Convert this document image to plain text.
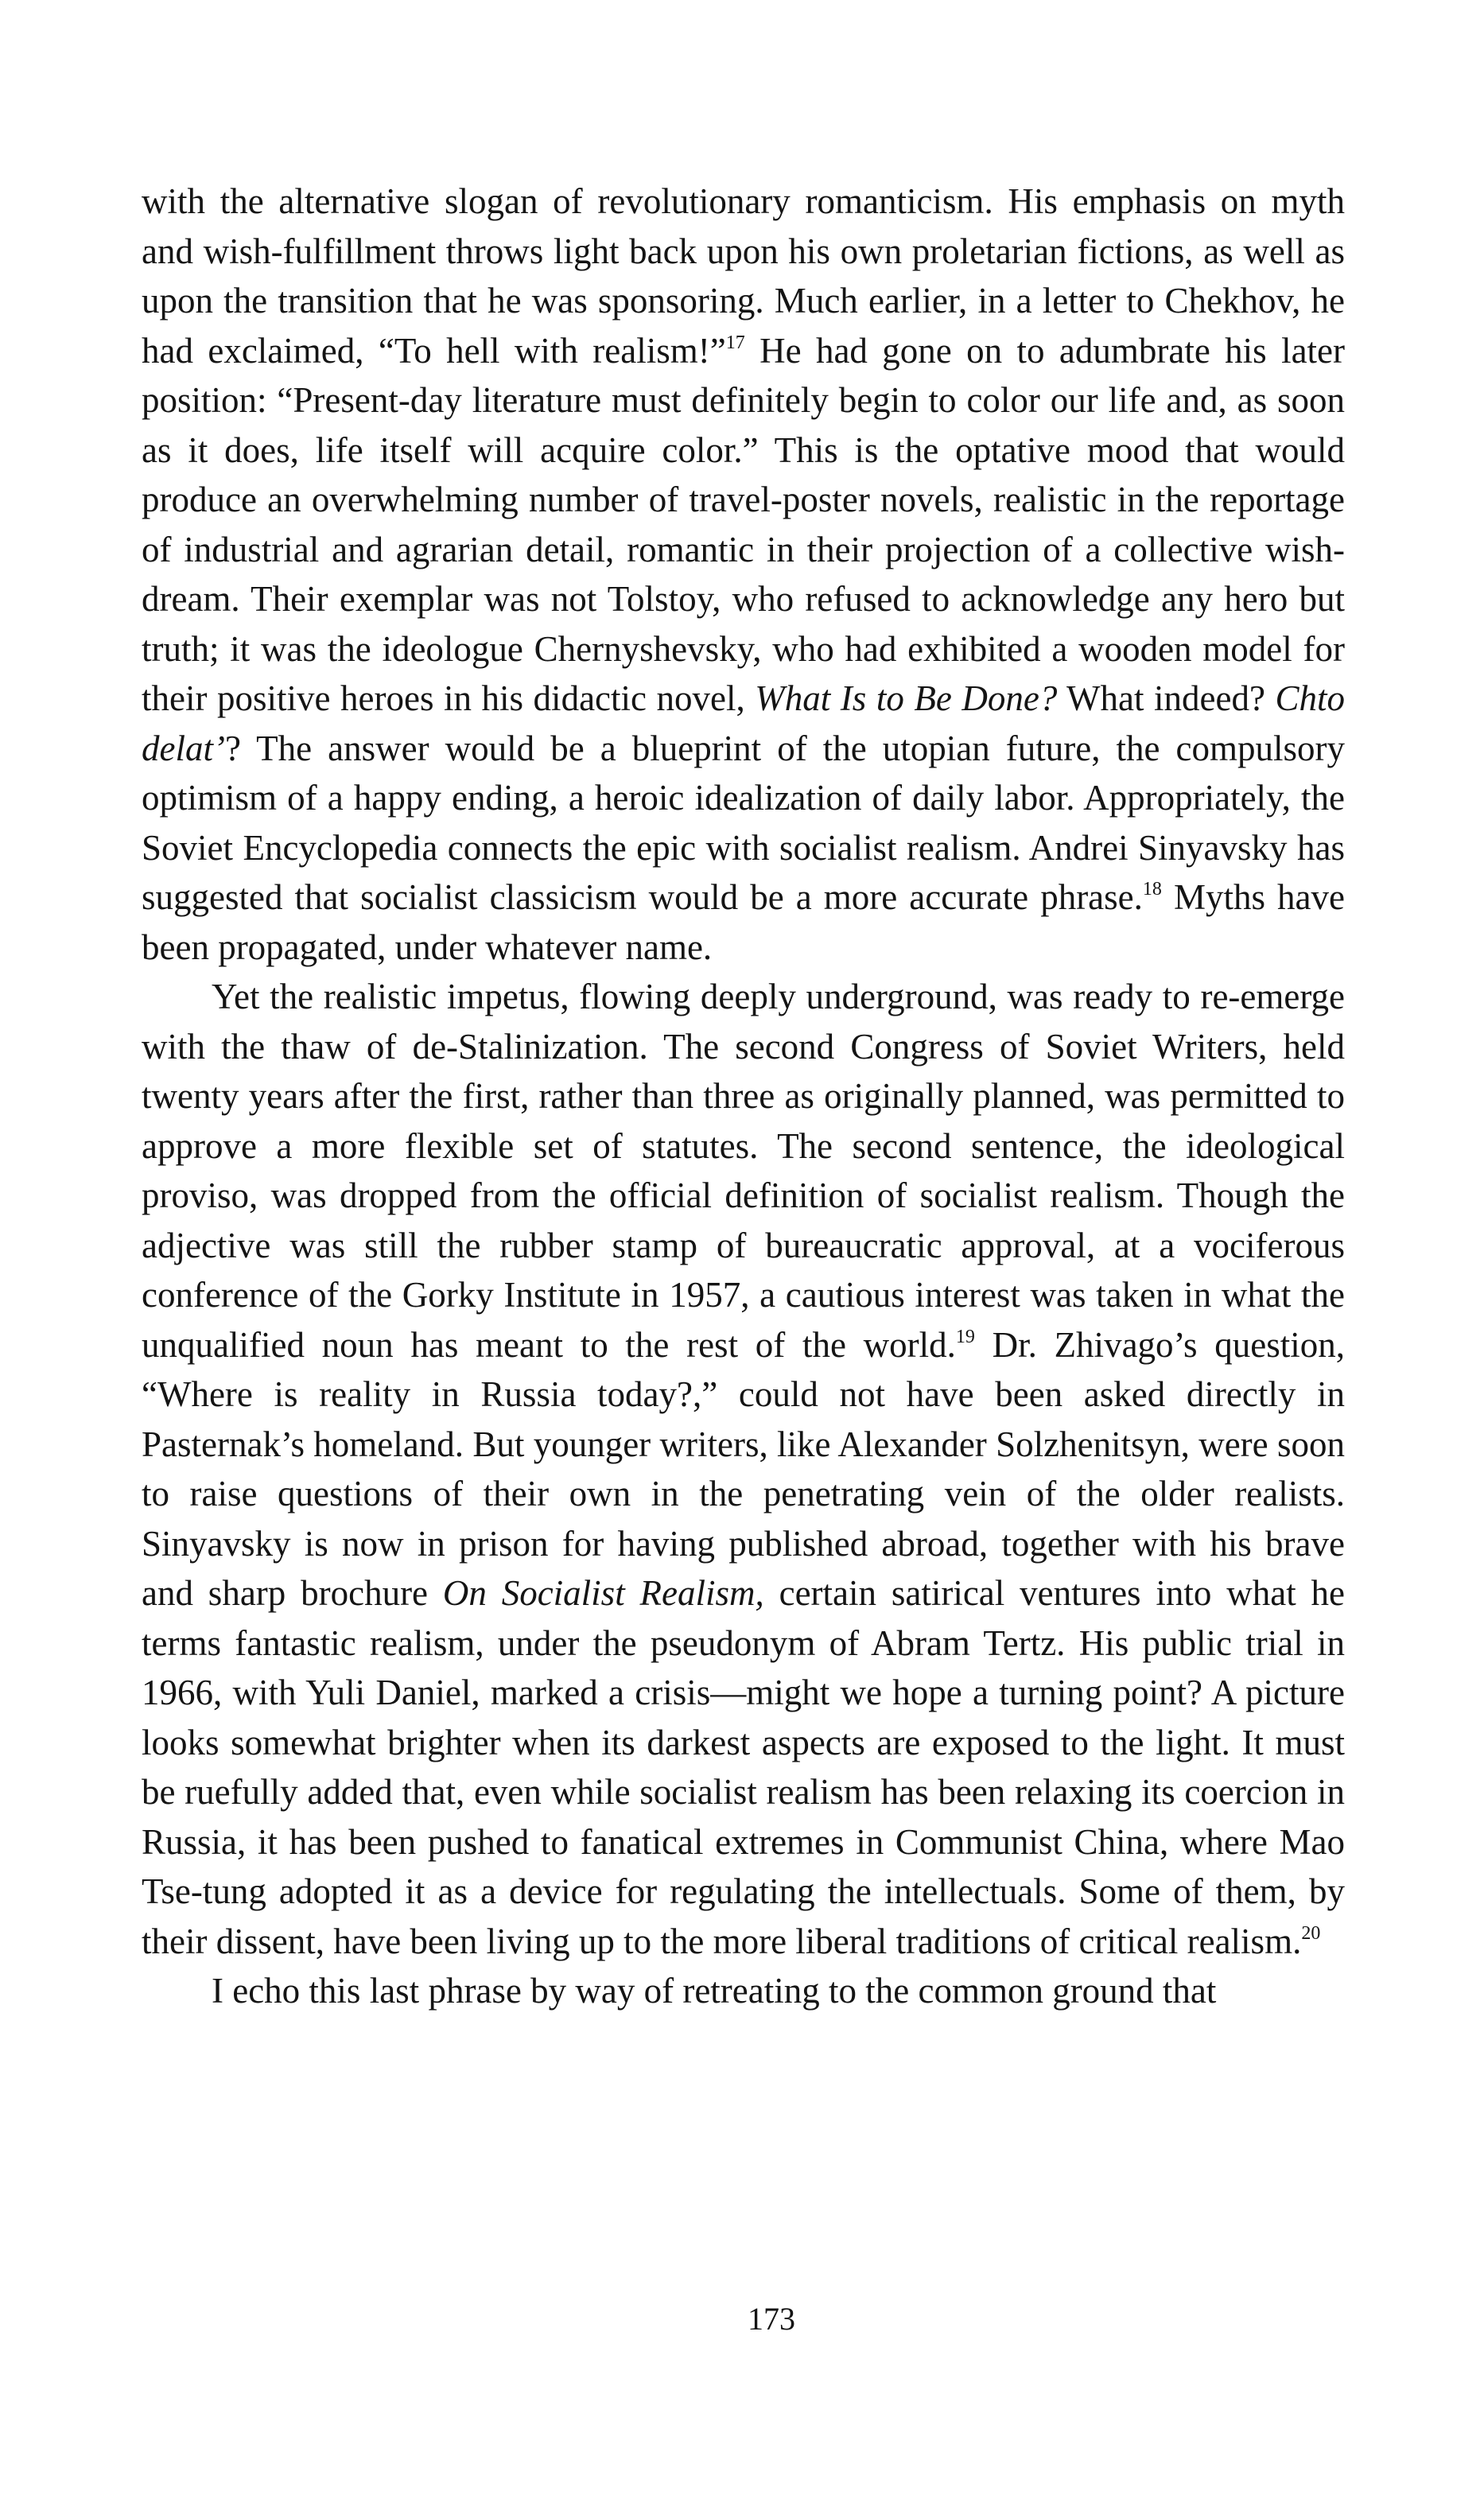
with the alternative slogan of revolutionary romanticism. His emphasis on myth and wish-fulfillment throws light back upon his own proletarian fictions, as well as upon the transition that he was sponsoring. Much earlier, in a letter to Chekhov, he had exclaimed, “To hell with realism!”$^{17}$ He had gone on to adumbrate his later position: “Present-day literature must definitely begin to color our life and, as soon as it does, life itself will acquire color.” This is the optative mood that would produce an overwhelming number of travel-poster novels, realistic in the reportage of industrial and agrarian detail, romantic in their projection of a collective wish-dream. Their exemplar was not Tolstoy, who refused to acknowledge any hero but truth; it was the ideologue Chernyshevsky, who had exhibited a wooden model for their positive heroes in his didactic novel, What Is to Be Done? What indeed? Chto delat’? The answer would be a blueprint of the utopian future, the compulsory optimism of a happy ending, a heroic idealization of daily labor. Appropriately, the Soviet Encyclopedia connects the epic with socialist realism. Andrei Sinyavsky has suggested that socialist classicism would be a more accurate phrase.$^{18}$ Myths have been propagated, under whatever name.

Yet the realistic impetus, flowing deeply underground, was ready to re-emerge with the thaw of de-Stalinization. The second Congress of Soviet Writers, held twenty years after the first, rather than three as originally planned, was permitted to approve a more flexible set of statutes. The second sentence, the ideological proviso, was dropped from the official definition of socialist realism. Though the adjective was still the rubber stamp of bureaucratic approval, at a vociferous conference of the Gorky Institute in 1957, a cautious interest was taken in what the unqualified noun has meant to the rest of the world.$^{19}$ Dr. Zhivago’s question, “Where is reality in Russia today?,” could not have been asked directly in Pasternak’s homeland. But younger writers, like Alexander Solzhenitsyn, were soon to raise questions of their own in the penetrating vein of the older realists. Sinyavsky is now in prison for having published abroad, together with his brave and sharp brochure On Socialist Realism, certain satirical ventures into what he terms fantastic realism, under the pseudonym of Abram Tertz. His public trial in 1966, with Yuli Daniel, marked a crisis—might we hope a turning point? A picture looks somewhat brighter when its darkest aspects are exposed to the light. It must be ruefully added that, even while socialist realism has been relaxing its coercion in Russia, it has been pushed to fanatical extremes in Communist China, where Mao Tse-tung adopted it as a device for regulating the intellectuals. Some of them, by their dissent, have been living up to the more liberal traditions of critical realism.$^{20}$

I echo this last phrase by way of retreating to the common ground that

173
